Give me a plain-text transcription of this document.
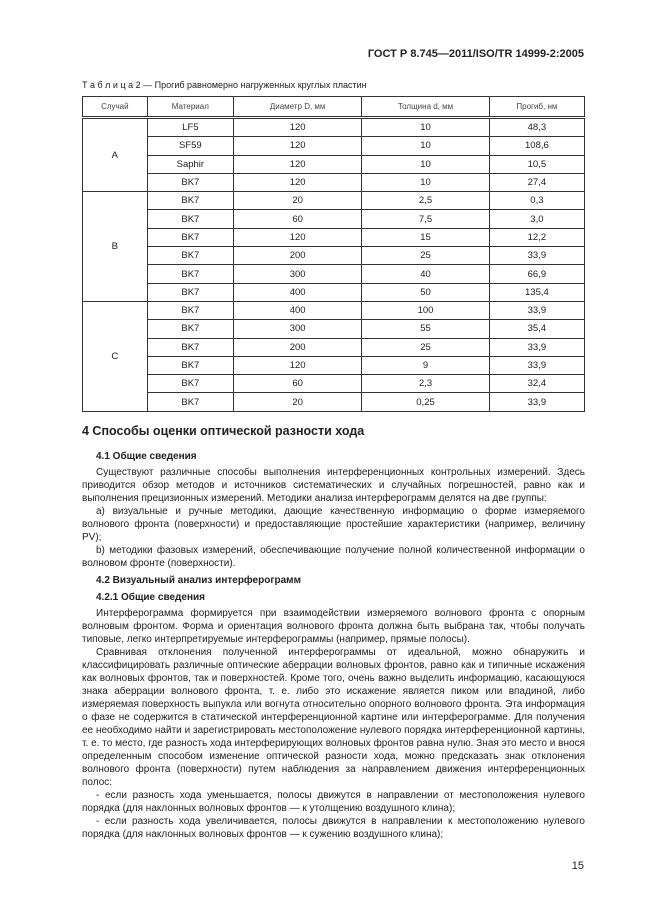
ГОСТ Р 8.745—2011/ISO/TR 14999-2:2005
Т а б л и ц а 2 — Прогиб равномерно нагруженных круглых пластин
Случай	Материал	Диаметр D, мм	Толщина d, мм	Прогиб, нм
A	LF5	120	10	48,3
	SF59	120	10	108,6
	Saphir	120	10	10,5
	BK7	120	10	27,4
B	BK7	20	2,5	0,3
	BK7	60	7,5	3,0
	BK7	120	15	12,2
	BK7	200	25	33,9
	BK7	300	40	66,9
	BK7	400	50	135,4
C	BK7	400	100	33,9
	BK7	300	55	35,4
	BK7	200	25	33,9
	BK7	120	9	33,9
	BK7	60	2,3	32,4
	BK7	20	0,25	33,9
4 Способы оценки оптической разности хода
4.1 Общие сведения

Существуют различные способы выполнения интерференционных контрольных измерений. Здесь приводится обзор методов и источников систематических и случайных погрешностей, равно как и выполнения прецизионных измерений. Методики анализа интерферограмм делятся на две группы:

a) визуальные и ручные методики, дающие качественную информацию о форме измеряемого волнового фронта (поверхности) и предоставляющие простейшие характеристики (например, величину PV);

b) методики фазовых измерений, обеспечивающие получение полной количественной информации о волновом фронте (поверхности).

4.2 Визуальный анализ интерферограмм
4.2.1 Общие сведения

Интерферограмма формируется при взаимодействии измеряемого волнового фронта с опорным волновым фронтом. Форма и ориентация волнового фронта должна быть выбрана так, чтобы получать типовые, легко интерпретируемые интерферограммы (например, прямые полосы).

Сравнивая отклонения полученной интерферограммы от идеальной, можно обнаружить и классифицировать различные оптические аберрации волновых фронтов, равно как и типичные искажения как волновых фронтов, так и поверхностей. Кроме того, очень важно выделить информацию, касающуюся знака аберрации волнового фронта, т. е. либо это искажение является пиком или впадиной, либо измеряемая поверхность выпукла или вогнута относительно опорного волнового фронта. Эта информация о фазе не содержится в статической интерференционной картине или интерферограмме. Для получения ее необходимо найти и зарегистрировать местоположение нулевого порядка интерференционной картины, т. е. то место, где разность хода интерферирующих волновых фронтов равна нулю. Зная это место и внося определенным способом изменение оптической разности хода, можно предсказать знак отклонения волнового фронта (поверхности) путем наблюдения за направлением движения интерференционных полос:

- если разность хода уменьшается, полосы движутся в направлении от местоположения нулевого порядка (для наклонных волновых фронтов — к утолщению воздушного клина);

- если разность хода увеличивается, полосы движутся в направлении к местоположению нулевого порядка (для наклонных волновых фронтов — к сужению воздушного клина);

15
